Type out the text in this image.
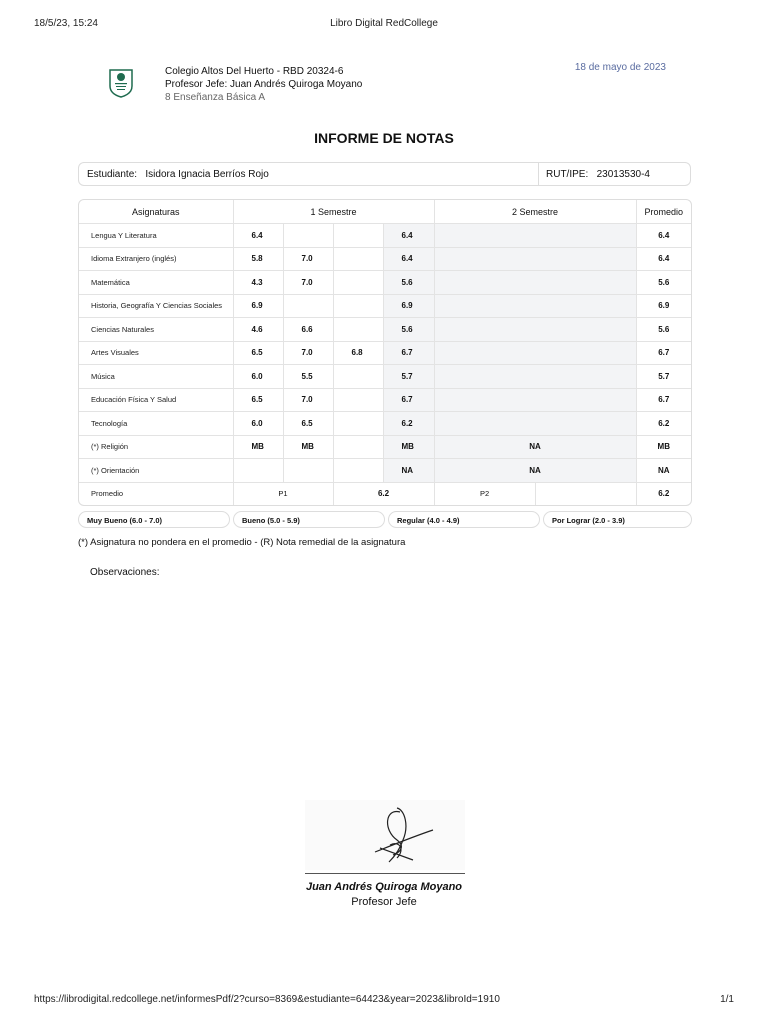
18/5/23, 15:24	Libro Digital RedCollege
Colegio Altos Del Huerto - RBD 20324-6
Profesor Jefe: Juan Andrés Quiroga Moyano
8 Enseñanza Básica A
18 de mayo de 2023
INFORME DE NOTAS
Estudiante: Isidora Ignacia Berríos Rojo	RUT/IPE: 23013530-4
Asignaturas	1 Semestre				2 Semestre		Promedio
Lengua Y Literatura	6.4			6.4			6.4
Idioma Extranjero (inglés)	5.8	7.0		6.4			6.4
Matemática	4.3	7.0		5.6			5.6
Historia, Geografía Y Ciencias Sociales	6.9			6.9			6.9
Ciencias Naturales	4.6	6.6		5.6			5.6
Artes Visuales	6.5	7.0	6.8	6.7			6.7
Música	6.0	5.5		5.7			5.7
Educación Física Y Salud	6.5	7.0		6.7			6.7
Tecnología	6.0	6.5		6.2			6.2
(*) Religión	MB	MB		MB	NA		MB
(*) Orientación				NA	NA		NA
Promedio	P1		6.2		P2		6.2
Muy Bueno (6.0 - 7.0)	Bueno (5.0 - 5.9)	Regular (4.0 - 4.9)	Por Lograr (2.0 - 3.9)
(*) Asignatura no pondera en el promedio - (R) Nota remedial de la asignatura
Observaciones:
Juan Andrés Quiroga Moyano
Profesor Jefe
https://librodigital.redcollege.net/informesPdf/2?curso=8369&estudiante=64423&year=2023&libroId=1910	1/1
